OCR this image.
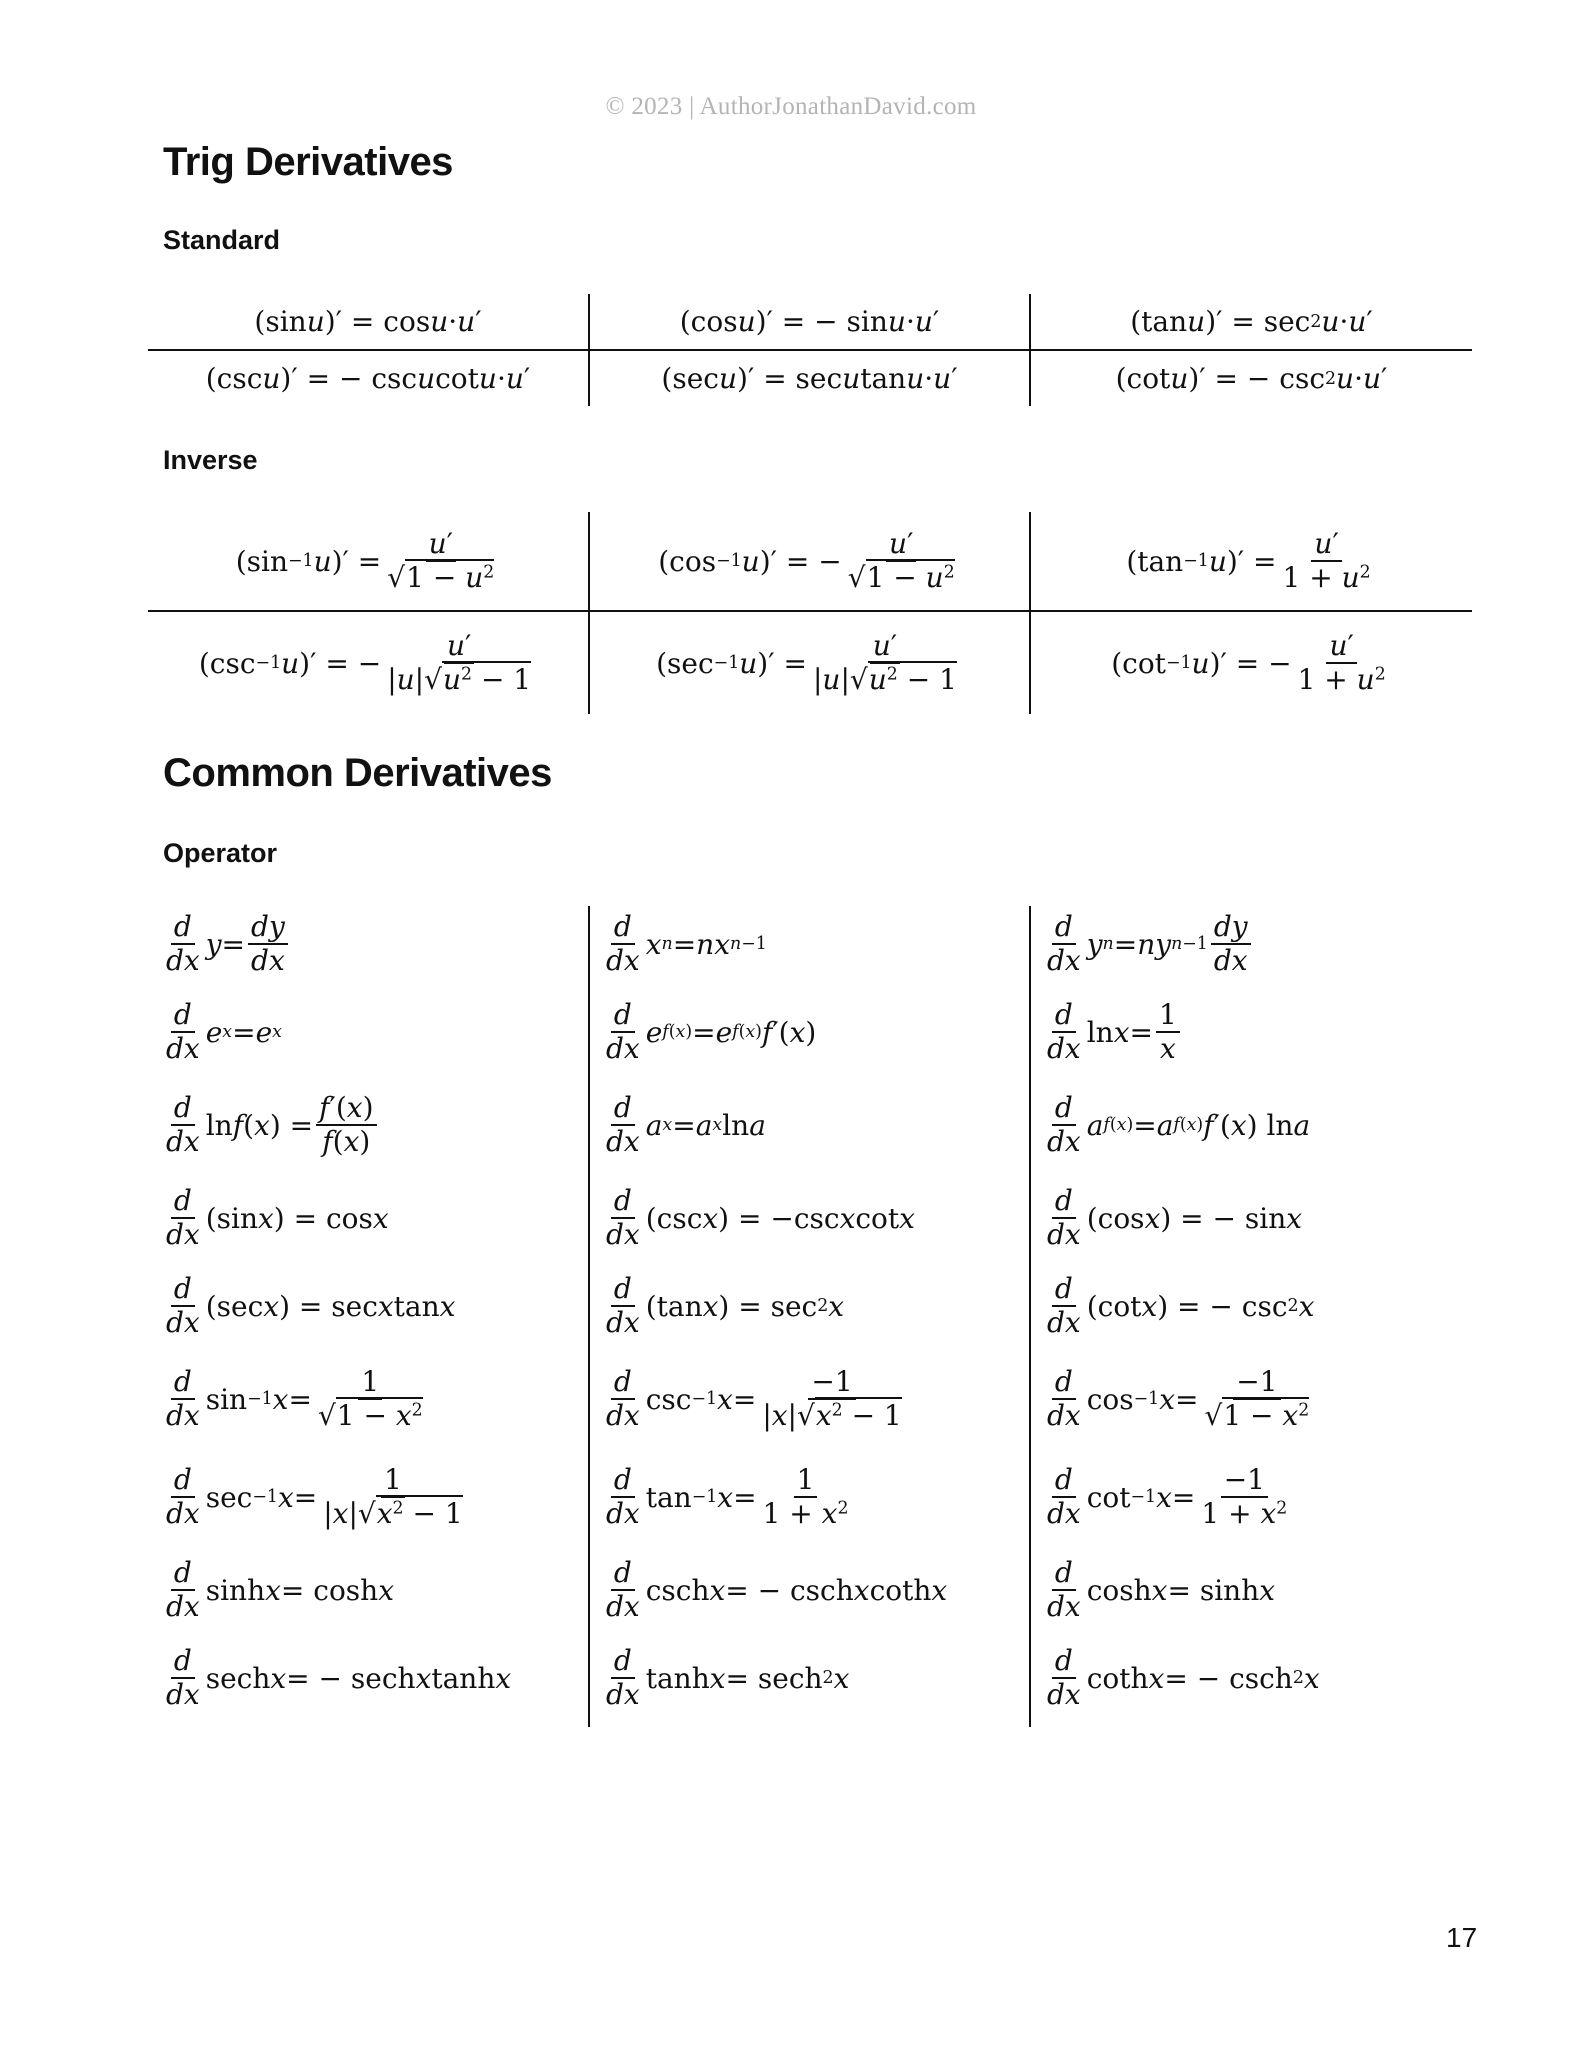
© 2023 | AuthorJonathanDavid.com
Trig Derivatives
Standard
(sin u )′ = cos u · u ′	(cos u )′ = − sin u · u ′	(tan u )′ = sec 2 u · u ′
(csc u )′ = − csc u cot u · u ′	(sec u )′ = sec u tan u · u ′	(cot u )′ = − csc 2 u · u ′
Inverse
(sin −1 u )′ = $\frac{u'}{√1 - u^2}$	(cos −1 u )′ = − $\frac{u'}{√1 - u^2}$	(tan −1 u )′ = $\frac{u'}{1 + u^2}$
(csc −1 u )′ = − $\frac{u'}{|u|√u^2 - 1}$	(sec −1 u )′ = $\frac{u'}{|u|√u^2 - 1}$	(cot −1 u )′ = − $\frac{u'}{1 + u^2}$
Common Derivatives
Operator
$\frac{d}{dx}$ $y = \frac{dy}{dx}$	$\frac{d}{dx}$ x n = nx n−1	$\frac{d}{dx}$ y n = ny $n-1 \frac{dy}{dx}$
$\frac{d}{dx}$ e x = e x	$\frac{d}{dx}$ e f(x) = e f(x) f ′( x )	$\frac{d}{dx}$ $\ln x = \frac{1}{x}$
$\frac{d}{dx}$ ln f ( x ) = $\frac{f'(x)}{f(x)}$	$\frac{d}{dx}$ a x = a x ln a	$\frac{d}{dx}$ a f(x) = a f(x) f ′( x ) ln a
$\frac{d}{dx} (\sin$ x ) = cos x	$\frac{d}{dx} (\csc$ x ) = −csc x cot x	$\frac{d}{dx} (\cos$ x ) = − sin x
$\frac{d}{dx} (\sec$ x ) = sec x tan x	$\frac{d}{dx} (\tan$ x ) = sec 2 x	$\frac{d}{dx} (\cot$ x ) = − csc 2 x
$\frac{d}{dx}$ sin −1 $x = \frac{1}{√1 - x^2}$	$\frac{d}{dx}$ csc −1 $x = \frac{-1}{|x|√x^2 - 1}$	$\frac{d}{dx}$ cos −1 $x = \frac{-1}{√1 - x^2}$
$\frac{d}{dx}$ sec −1 $x = \frac{1}{|x|√x^2 - 1}$	$\frac{d}{dx}$ tan −1 $x = \frac{1}{1 + x^2}$	$\frac{d}{dx}$ cot −1 $x = \frac{-1}{1 + x^2}$
$\frac{d}{dx}$ sinh x = cosh x	$\frac{d}{dx}$ csch x = − csch x coth x	$\frac{d}{dx}$ cosh x = sinh x
$\frac{d}{dx}$ sech x = − sech x tanh x	$\frac{d}{dx}$ tanh x = sech 2 x	$\frac{d}{dx}$ coth x = − csch 2 x
17
